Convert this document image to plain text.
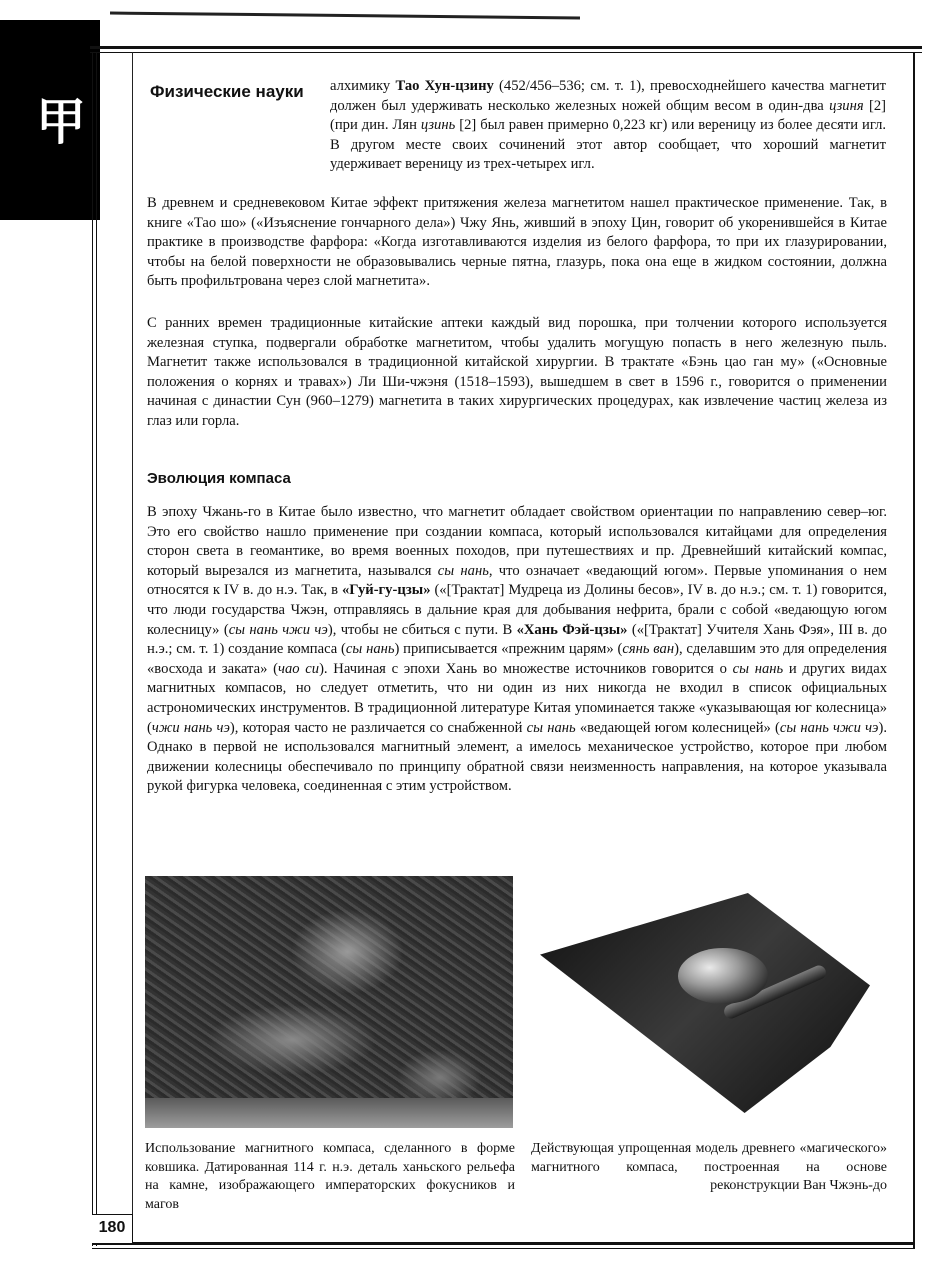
甲
Физические науки	алхимику Тао Хун-цзину (452/456–536; см. т. 1), превосходнейшего качества магнетит должен был удерживать несколько железных ножей общим весом в один-два цзиня [2] (при дин. Лян цзинь [2] был равен примерно 0,223 кг) или вереницу из более десяти игл. В другом месте своих сочинений этот автор сообщает, что хороший магнетит удерживает вереницу из трех-четырех игл.

В древнем и средневековом Китае эффект притяжения железа магнетитом нашел практическое применение. Так, в книге «Тао шо» («Изъяснение гончарного дела») Чжу Янь, живший в эпоху Цин, говорит об укоренившейся в Китае практике в производстве фарфора: «Когда изготавливаются изделия из белого фарфора, то при их глазурировании, чтобы на белой поверхности не образовывались черные пятна, глазурь, пока она еще в жидком состоянии, должна быть профильтрована через слой магнетита».

С ранних времен традиционные китайские аптеки каждый вид порошка, при толчении которого используется железная ступка, подвергали обработке магнетитом, чтобы удалить могущую попасть в него железную пыль. Магнетит также использовался в традиционной китайской хирургии. В трактате «Бэнь цао ган му» («Основные положения о корнях и травах») Ли Ши-чжэня (1518–1593), вышедшем в свет в 1596 г., говорится о применении начиная с династии Сун (960–1279) магнетита в таких хирургических процедурах, как извлечение частиц железа из глаз или горла.

Эволюция компаса

В эпоху Чжань-го в Китае было известно, что магнетит обладает свойством ориентации по направлению север–юг. Это его свойство нашло применение при создании компаса, который использовался китайцами для определения сторон света в геомантике, во время военных походов, при путешествиях и пр. Древнейший китайский компас, который вырезался из магнетита, назывался сы нань, что означает «ведающий югом». Первые упоминания о нем относятся к IV в. до н.э. Так, в «Гуй-гу-цзы» («[Трактат] Мудреца из Долины бесов», IV в. до н.э.; см. т. 1) говорится, что люди государства Чжэн, отправляясь в дальние края для добывания нефрита, брали с собой «ведающую югом колесницу» (сы нань чжи чэ), чтобы не сбиться с пути. В «Хань Фэй-цзы» («[Трактат] Учителя Хань Фэя», III в. до н.э.; см. т. 1) создание компаса (сы нань) приписывается «прежним царям» (сянь ван), сделавшим это для определения «восхода и заката» (чао си). Начиная с эпохи Хань во множестве источников говорится о сы нань и других видах магнитных компасов, но следует отметить, что ни один из них никогда не входил в список официальных астрономических инструментов. В традиционной литературе Китая упоминается также «указывающая юг колесница» (чжи нань чэ), которая часто не различается со снабженной сы нань «ведающей югом колесницей» (сы нань чжи чэ). Однако в первой не использовался магнитный элемент, а имелось механическое устройство, которое при любом движении колесницы обеспечивало по принципу обратной связи неизменность направления, на которое указывала рукой фигурка человека, соединенная с этим устройством.

Использование магнитного компаса, сделанного в форме ковшика. Датированная 114 г. н.э. деталь ханьского рельефа на камне, изображающего императорских фокусников и магов

Действующая упрощенная модель древнего «магического» магнитного компаса, построенная на основе реконструкции Ван Чжэнь-до

180
